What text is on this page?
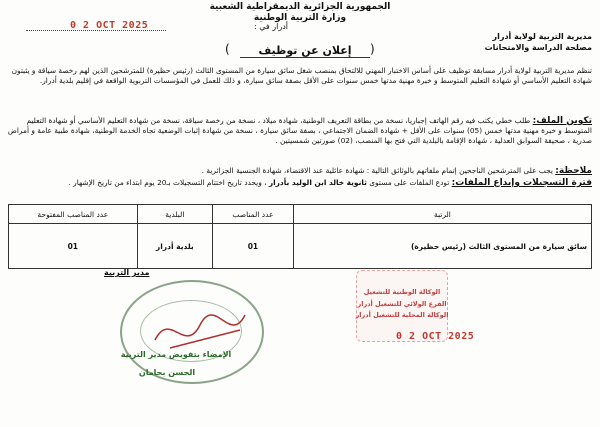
الجمهورية الجزائرية الديمقراطية الشعبية
وزارة التربية الوطنية
أدرار في :
0 2 OCT 2025
مديرية التربية لولاية أدرار
مصلحة الدراسة والامتحانات
(	إعلان عن توظيف	)
تنظم مديرية التربية لولاية أدرار مسابقة توظيف على أساس الاختبار المهني للالتحاق بمنصب شغل سائق سيارة من المستوى الثالث (رئيس حظيرة) للمترشحين الذين لهم رخصة سياقة و يثبتون شهادة التعليم الأساسي أو شهادة التعليم المتوسط و خبرة مهنية مدتها خمس سنوات على الأقل بصفة سائق سيارة، و ذلك للعمل في المؤسسات التربوية الواقعة في إقليم بلدية أدرار.
تكوين الملف: طلب خطي يكتب فيه رقم الهاتف إجباريا، نسخة من بطاقة التعريف الوطنية، شهادة ميلاد ، نسخة من رخصة سياقة، نسخة من شهادة التعليم الأساسي أو شهادة التعليم المتوسط و خبرة مهنية مدتها خمس (05) سنوات على الأقل + شهادة الضمان الاجتماعي ، بصفة سائق سيارة ، نسخة من شهادة إثبات الوضعية تجاه الخدمة الوطنية، شهادة طبية عامة و أمراض صدرية ، صحيفة السوابق العدلية ، شهادة الإقامة بالبلدية التي فتح بها المنصب، (02) صورتين شمسيتين .
ملاحظة: يجب على المترشحين الناجحين إتمام ملفاتهم بالوثائق التالية : شهادة عائلية عند الاقتضاء، شهادة الجنسية الجزائرية .
فترة التسجيلات وإيداع الملفات: تودع الملفات على مستوى ثانوية خالد ابن الوليد بأدرار ، ويحدد تاريخ اختتام التسجيلات بـ20 يوم ابتداء من تاريخ الإشهار .
الرتبة	عدد المناصب	البلدية	عدد المناصب المفتوحة
سائق سيارة من المستوى الثالث (رئيس حظيرة)	01	بلدية أدرار	01
مدير التربية
الإمضاء بتفويض مدير التربية
الحسن بحامان
الوكالة الوطنية للتشغيل
الفرع الولائي للتشغيل أدرار
الوكالة المحلية للتشغيل أدرار
0 2 OCT 2025
